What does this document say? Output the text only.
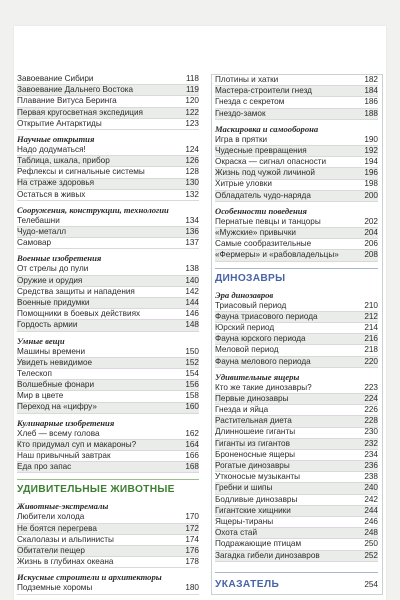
Завоевание Сибири	118
Завоевание Дальнего Востока	119
Плавание Витуса Беринга	120
Первая кругосветная экспедиция	122
Открытие Антарктиды	123
Научные открытия
Надо додуматься!	124
Таблица, шкала, прибор	126
Рефлексы и сигнальные системы	128
На страже здоровья	130
Остаться в живых	132
Сооружения, конструкции, технологии
Телебашни	134
Чудо-металл	136
Самовар	137
Военные изобретения
От стрелы до пули	138
Оружие и орудия	140
Средства защиты и нападения	142
Военные придумки	144
Помощники в боевых действиях	146
Гордость армии	148
Умные вещи
Машины времени	150
Увидеть невидимое	152
Телескоп	154
Волшебные фонари	156
Мир в цвете	158
Переход на «цифру»	160
Кулинарные изобретения
Хлеб — всему голова	162
Кто придумал суп и макароны?	164
Наш привычный завтрак	166
Еда про запас	168
УДИВИТЕЛЬНЫЕ ЖИВОТНЫЕ
Животные-экстремалы
Любители холода	170
Не боятся перегрева	172
Скалолазы и альпинисты	174
Обитатели пещер	176
Жизнь в глубинах океана	178
Искусные строители и архитекторы
Подземные хоромы	180
Плотины и хатки	182
Мастера-строители гнезд	184
Гнезда с секретом	186
Гнездо-замок	188
Маскировка и самооборона
Игра в прятки	190
Чудесные превращения	192
Окраска — сигнал опасности	194
Жизнь под чужой личиной	196
Хитрые уловки	198
Обладатель чудо-наряда	200
Особенности поведения
Пернатые певцы и танцоры	202
«Мужские» привычки	204
Самые сообразительные	206
«Фермеры» и «рабовладельцы»	208
ДИНОЗАВРЫ
Эра динозавров
Триасовый период	210
Фауна триасового периода	212
Юрский период	214
Фауна юрского периода	216
Меловой период	218
Фауна мелового периода	220
Удивительные ящеры
Кто же такие динозавры?	223
Первые динозавры	224
Гнезда и яйца	226
Растительная диета	228
Длинношеие гиганты	230
Гиганты из гигантов	232
Броненосные ящеры	234
Рогатые динозавры	236
Утконосые музыканты	238
Гребни и шипы	240
Бодливые динозавры	242
Гигантские хищники	244
Ящеры-тираны	246
Охота стай	248
Подражающие птицам	250
Загадка гибели динозавров	252
УКАЗАТЕЛЬ	254
